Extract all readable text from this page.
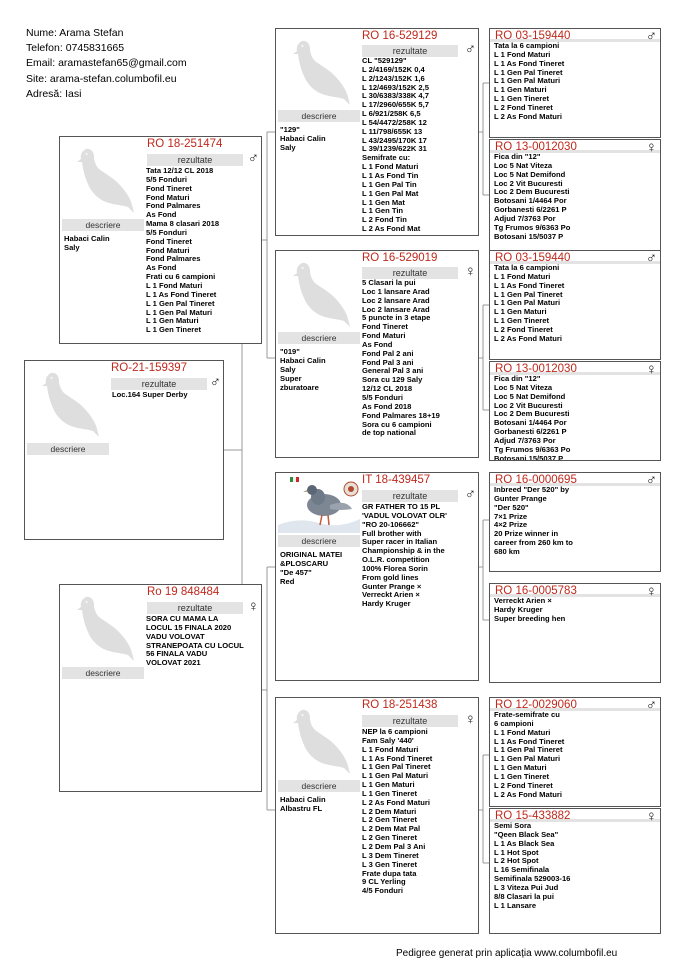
Nume: Arama Stefan
Telefon: 0745831665
Email: aramastefan65@gmail.com
Site: arama-stefan.columbofil.eu
Adresă: Iasi
RO 18-251474
rezultate	♂
descriere
Habaci Calin
Saly
Tata 12/12 CL 2018
5/5 Fonduri
Fond Tineret
Fond Maturi
Fond Palmares
As Fond
Mama 8 clasari 2018
5/5 Fonduri
Fond Tineret
Fond Maturi
Fond Palmares
As Fond
Frati cu 6 campioni
L 1 Fond Maturi
L 1 As Fond Tineret
L 1 Gen Pal Tineret
L 1 Gen Pal Maturi
L 1 Gen Maturi
L 1 Gen Tineret
RO-21-159397
rezultate	♂
descriere
Loc.164 Super Derby
Ro 19 848484
rezultate	♀
descriere
SORA CU MAMA LA
LOCUL 15 FINALA 2020
VADU VOLOVAT
STRANEPOATA CU LOCUL
56 FINALA VADU
VOLOVAT 2021
RO 16-529129
rezultate	♂
descriere
"129"
Habaci Calin
Saly
CL "529129"
L 2/4169/152K 0,4
L 2/1243/152K 1,6
L 12/4693/152K 2,5
L 30/6383/338K 4,7
L 17/2960/655K 5,7
L 6/921/258K 6,5
L 54/4472/258K 12
L 11/798/655K 13
L 43/2495/170K 17
L 39/1239/622K 31
Semifrate cu:
L 1 Fond Maturi
L 1 As Fond Tin
L 1 Gen Pal Tin
L 1 Gen Pal Mat
L 1 Gen Mat
L 1 Gen Tin
L 2 Fond Tin
L 2 As Fond Mat
RO 16-529019
rezultate	♀
descriere
"019"
Habaci Calin
Saly
Super
zburatoare
5 Clasari la pui
Loc 1 lansare Arad
Loc 2 lansare Arad
Loc 2 lansare Arad
5 puncte in 3 etape
Fond Tineret
Fond Maturi
As Fond
Fond Pal 2 ani
Fond Pal 3 ani
General Pal 3 ani
Sora cu 129 Saly
12/12 CL 2018
5/5 Fonduri
As Fond 2018
Fond Palmares 18+19
Sora cu 6 campioni
de top national
IT 18-439457
rezultate	♂
descriere
ORIGINAL MATEI
&PLOSCARU
"De 457"
Red
GR FATHER TO 15 PL
'VADUL VOLOVAT OLR'
"RO 20-106662"
Full brother with
Super racer in Italian
Championship & in the
O.L.R. competition
100% Florea Sorin
From gold lines
Gunter Prange ×
Verreckt Arien ×
Hardy Kruger
RO 18-251438
rezultate	♀
descriere
Habaci Calin
Albastru FL
NEP la 6 campioni
Fam Saly '440'
L 1 Fond Maturi
L 1 As Fond Tineret
L 1 Gen Pal Tineret
L 1 Gen Pal Maturi
L 1 Gen Maturi
L 1 Gen Tineret
L 2 As Fond Maturi
L 2 Dem Maturi
L 2 Gen Tineret
L 2 Dem Mat Pal
L 2 Gen Tineret
L 2 Dem Pal 3 Ani
L 3 Dem Tineret
L 3 Gen Tineret
Frate dupa tata
9 CL Yerling
4/5 Fonduri
RO 03-159440	♂
Tata la 6 campioni
L 1 Fond Maturi
L 1 As Fond Tineret
L 1 Gen Pal Tineret
L 1 Gen Pal Maturi
L 1 Gen Maturi
L 1 Gen Tineret
L 2 Fond Tineret
L 2 As Fond Maturi
RO 13-0012030	♀
Fica din "12"
Loc 5 Nat Viteza
Loc 5 Nat Demifond
Loc 2 Vit Bucuresti
Loc 2 Dem Bucuresti
Botosani 1/4464 Por
Gorbanesti 6/2261 P
Adjud 7/3763 Por
Tg Frumos 9/6363 Po
Botosani 15/5037 P
RO 03-159440	♂
Tata la 6 campioni
L 1 Fond Maturi
L 1 As Fond Tineret
L 1 Gen Pal Tineret
L 1 Gen Pal Maturi
L 1 Gen Maturi
L 1 Gen Tineret
L 2 Fond Tineret
L 2 As Fond Maturi
RO 13-0012030	♀
Fica din "12"
Loc 5 Nat Viteza
Loc 5 Nat Demifond
Loc 2 Vit Bucuresti
Loc 2 Dem Bucuresti
Botosani 1/4464 Por
Gorbanesti 6/2261 P
Adjud 7/3763 Por
Tg Frumos 9/6363 Po
Botosani 15/5037 P
RO 16-0000695	♂
Inbreed "Der 520" by
Gunter Prange
"Der 520"
7×1 Prize
4×2 Prize
20 Prize winner in
career from 260 km to
680 km
RO 16-0005783	♀
Verreckt Arien ×
Hardy Kruger
Super breeding hen
RO 12-0029060	♂
Frate-semifrate cu
6 campioni
L 1 Fond Maturi
L 1 As Fond Tineret
L 1 Gen Pal Tineret
L 1 Gen Pal Maturi
L 1 Gen Maturi
L 1 Gen Tineret
L 2 Fond Tineret
L 2 As Fond Maturi
RO 15-433882	♀
Semi Sora
"Qeen Black Sea"
L 1 As Black Sea
L 1 Hot Spot
L 2 Hot Spot
L 16 Semifinala
Semifinala 529003-16
L 3 Viteza Pui Jud
8/8 Clasari la pui
L 1 Lansare
Pedigree generat prin aplicația www.columbofil.eu
